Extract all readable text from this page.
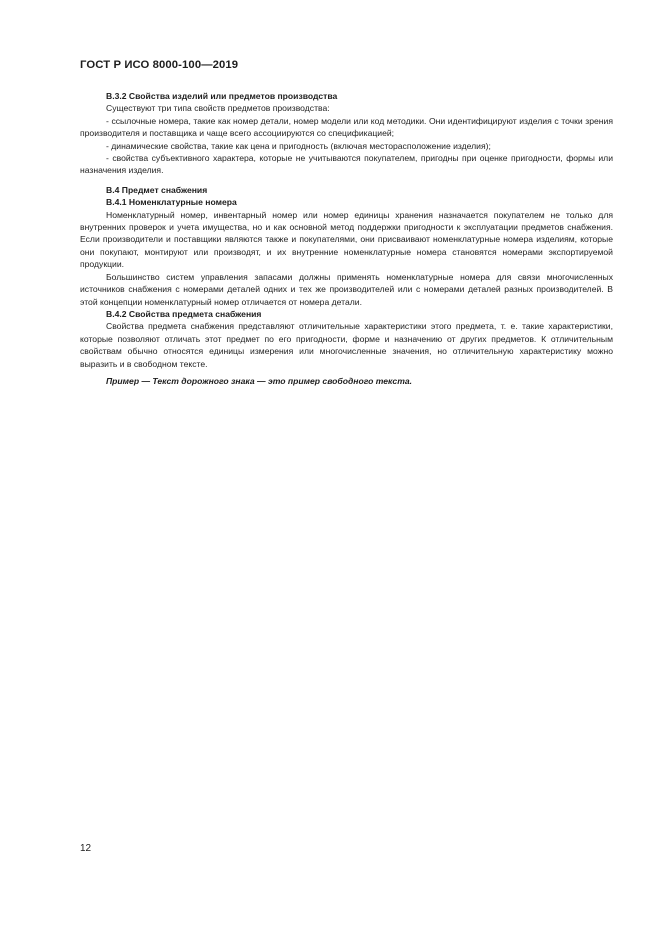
ГОСТ Р ИСО 8000-100—2019

B.3.2 Свойства изделий или предметов производства

Существуют три типа свойств предметов производства:

- ссылочные номера, такие как номер детали, номер модели или код методики. Они идентифицируют изделия с точки зрения производителя и поставщика и чаще всего ассоциируются со спецификацией;

- динамические свойства, такие как цена и пригодность (включая месторасположение изделия);

- свойства субъективного характера, которые не учитываются покупателем, пригодны при оценке пригодности, формы или назначения изделия.

B.4 Предмет снабжения

B.4.1 Номенклатурные номера

Номенклатурный номер, инвентарный номер или номер единицы хранения назначается покупателем не только для внутренних проверок и учета имущества, но и как основной метод поддержки пригодности к эксплуатации предметов снабжения. Если производители и поставщики являются также и покупателями, они присваивают номенклатурные номера изделиям, которые они покупают, монтируют или производят, и их внутренние номенклатурные номера становятся номерами экспортируемой продукции.

Большинство систем управления запасами должны применять номенклатурные номера для связи многочисленных источников снабжения с номерами деталей одних и тех же производителей или с номерами деталей разных производителей. В этой концепции номенклатурный номер отличается от номера детали.

B.4.2 Свойства предмета снабжения

Свойства предмета снабжения представляют отличительные характеристики этого предмета, т. е. такие характеристики, которые позволяют отличать этот предмет по его пригодности, форме и назначению от других предметов. К отличительным свойствам обычно относятся единицы измерения или многочисленные значения, но отличительную характеристику можно выразить и в свободном тексте.

Пример — Текст дорожного знака — это пример свободного текста.

12
